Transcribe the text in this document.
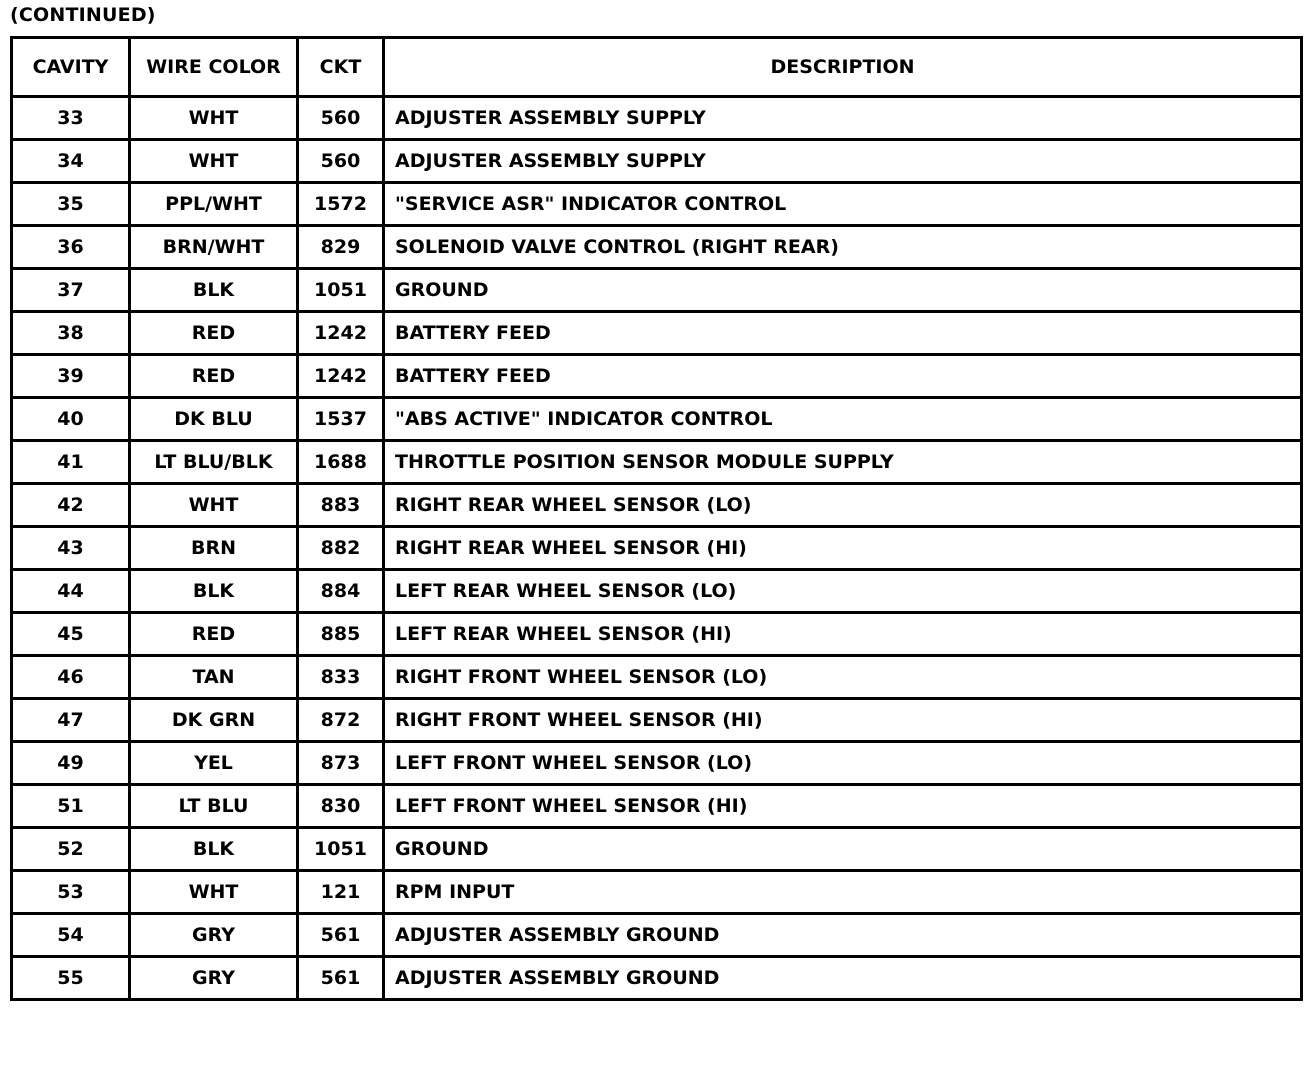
(CONTINUED)
CAVITY	WIRE COLOR	CKT	DESCRIPTION
33	WHT	560	ADJUSTER ASSEMBLY SUPPLY
34	WHT	560	ADJUSTER ASSEMBLY SUPPLY
35	PPL/WHT	1572	"SERVICE ASR" INDICATOR CONTROL
36	BRN/WHT	829	SOLENOID VALVE CONTROL (RIGHT REAR)
37	BLK	1051	GROUND
38	RED	1242	BATTERY FEED
39	RED	1242	BATTERY FEED
40	DK BLU	1537	"ABS ACTIVE" INDICATOR CONTROL
41	LT BLU/BLK	1688	THROTTLE POSITION SENSOR MODULE SUPPLY
42	WHT	883	RIGHT REAR WHEEL SENSOR (LO)
43	BRN	882	RIGHT REAR WHEEL SENSOR (HI)
44	BLK	884	LEFT REAR WHEEL SENSOR (LO)
45	RED	885	LEFT REAR WHEEL SENSOR (HI)
46	TAN	833	RIGHT FRONT WHEEL SENSOR (LO)
47	DK GRN	872	RIGHT FRONT WHEEL SENSOR (HI)
49	YEL	873	LEFT FRONT WHEEL SENSOR (LO)
51	LT BLU	830	LEFT FRONT WHEEL SENSOR (HI)
52	BLK	1051	GROUND
53	WHT	121	RPM INPUT
54	GRY	561	ADJUSTER ASSEMBLY GROUND
55	GRY	561	ADJUSTER ASSEMBLY GROUND
